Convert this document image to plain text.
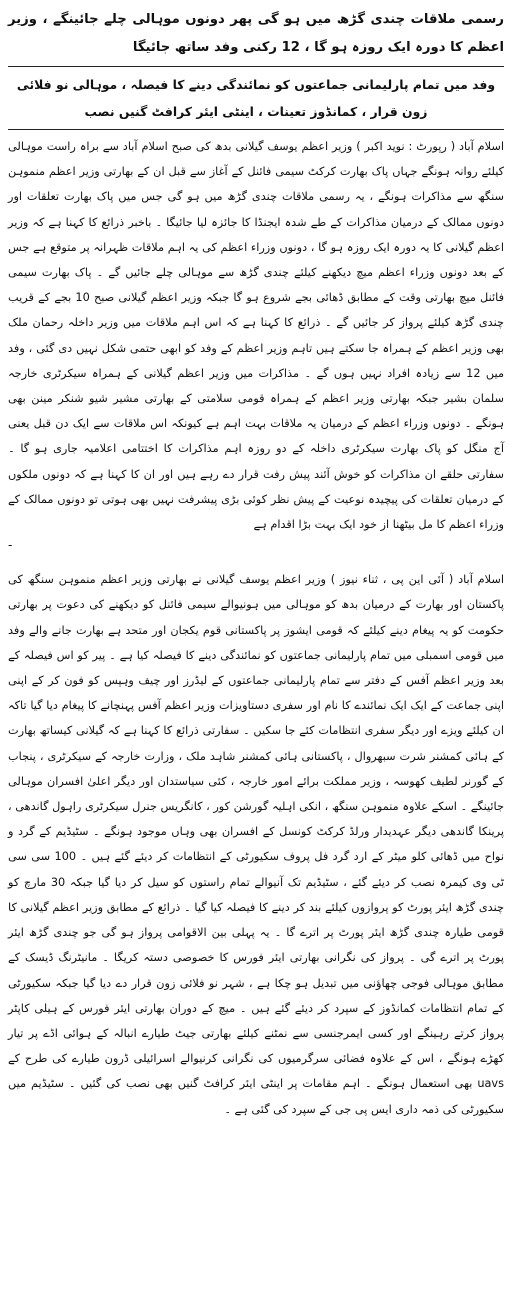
رسمی ملاقات چندی گڑھ میں ہو گی پھر دونوں موہالی چلے جائینگے ، وزیر اعظم کا دورہ ایک روزہ ہو گا ، 12 رکنی وفد ساتھ جائیگا
وفد میں تمام پارلیمانی جماعتوں کو نمائندگی دینے کا فیصلہ ، موہالی نو فلائی زون قرار ، کمانڈوز تعینات ، اینٹی ایئر کرافٹ گنیں نصب

اسلام آباد ( رپورٹ : نوید اکبر ) وزیر اعظم یوسف گیلانی بدھ کی صبح اسلام آباد سے براہ راست موہالی کیلئے روانہ ہونگے جہاں پاک بھارت کرکٹ سیمی فائنل کے آغاز سے قبل ان کے بھارتی وزیر اعظم منموہن سنگھ سے مذاکرات ہونگے ، یہ رسمی ملاقات چندی گڑھ میں ہو گی جس میں پاک بھارت تعلقات اور دونوں ممالک کے درمیان مذاکرات کے طے شدہ ایجنڈا کا جائزہ لیا جائیگا ۔ باخبر ذرائع کا کہنا ہے کہ وزیر اعظم گیلانی کا یہ دورہ ایک روزہ ہو گا ، دونوں وزراء اعظم کی یہ اہم ملاقات ظہرانہ پر متوقع ہے جس کے بعد دونوں وزراء اعظم میچ دیکھنے کیلئے چندی گڑھ سے موہالی چلے جائیں گے ۔ پاک بھارت سیمی فائنل میچ بھارتی وقت کے مطابق ڈھائی بجے شروع ہو گا جبکہ وزیر اعظم گیلانی صبح 10 بجے کے قریب چندی گڑھ کیلئے پرواز کر جائیں گے ۔ ذرائع کا کہنا ہے کہ اس اہم ملاقات میں وزیر داخلہ رحمان ملک بھی وزیر اعظم کے ہمراہ جا سکتے ہیں تاہم وزیر اعظم کے وفد کو ابھی حتمی شکل نہیں دی گئی ، وفد میں 12 سے زیادہ افراد نہیں ہوں گے ۔ مذاکرات میں وزیر اعظم گیلانی کے ہمراہ سیکرٹری خارجہ سلمان بشیر جبکہ بھارتی وزیر اعظم کے ہمراہ قومی سلامتی کے بھارتی مشیر شیو شنکر مینن بھی ہونگے ۔ دونوں وزراء اعظم کے درمیان یہ ملاقات بہت اہم ہے کیونکہ اس ملاقات سے ایک دن قبل یعنی آج منگل کو پاک بھارت سیکرٹری داخلہ کے دو روزہ اہم مذاکرات کا اختتامی اعلامیہ جاری ہو گا ۔ سفارتی حلقے ان مذاکرات کو خوش آئند پیش رفت قرار دے رہے ہیں اور ان کا کہنا ہے کہ دونوں ملکوں کے درمیان تعلقات کی پیچیدہ نوعیت کے پیش نظر کوئی بڑی پیشرفت نہیں بھی ہوتی تو دونوں ممالک کے وزراء اعظم کا مل بیٹھنا از خود ایک بہت بڑا اقدام ہے

-

اسلام آباد ( آئی این پی ، ثناء نیوز ) وزیر اعظم یوسف گیلانی نے بھارتی وزیر اعظم منموہن سنگھ کی پاکستان اور بھارت کے درمیان بدھ کو موہالی میں ہونیوالے سیمی فائنل کو دیکھنے کی دعوت پر بھارتی حکومت کو یہ پیغام دینے کیلئے کہ قومی ایشوز پر پاکستانی قوم یکجان اور متحد ہے بھارت جانے والے وفد میں قومی اسمبلی میں تمام پارلیمانی جماعتوں کو نمائندگی دینے کا فیصلہ کیا ہے ۔ پیر کو اس فیصلہ کے بعد وزیر اعظم آفس کے دفتر سے تمام پارلیمانی جماعتوں کے لیڈرز اور چیف وہپس کو فون کر کے اپنی اپنی جماعت کے ایک ایک نمائندے کا نام اور سفری دستاویزات وزیر اعظم آفس پہنچانے کا پیغام دیا گیا تاکہ ان کیلئے ویزے اور دیگر سفری انتظامات کئے جا سکیں ۔ سفارتی ذرائع کا کہنا ہے کہ گیلانی کیساتھ بھارت کے ہائی کمشنر شرت سبھروال ، پاکستانی ہائی کمشنر شاہد ملک ، وزارت خارجہ کے سیکرٹری ، پنجاب کے گورنر لطیف کھوسہ ، وزیر مملکت برائے امور خارجہ ، کئی سیاستدان اور دیگر اعلیٰ افسران موہالی جائینگے ۔ اسکے علاوہ منموہن سنگھ ، انکی اہلیہ گورشن کور ، کانگریس جنرل سیکرٹری راہول گاندھی ، پرینکا گاندھی دیگر عہدیدار ورلڈ کرکٹ کونسل کے افسران بھی وہاں موجود ہونگے ۔ سٹیڈیم کے گرد و نواح میں ڈھائی کلو میٹر کے ارد گرد فل پروف سکیورٹی کے انتظامات کر دیئے گئے ہیں ۔ 100 سی سی ٹی وی کیمرہ نصب کر دیئے گئے ، سٹیڈیم تک آنیوالے تمام راستوں کو سیل کر دیا گیا جبکہ 30 مارچ کو چندی گڑھ ایئر پورٹ کو پروازوں کیلئے بند کر دینے کا فیصلہ کیا گیا ۔ ذرائع کے مطابق وزیر اعظم گیلانی کا قومی طیارہ چندی گڑھ ایئر پورٹ پر اترے گا ۔ یہ پہلی بین الاقوامی پرواز ہو گی جو چندی گڑھ ایئر پورٹ پر اترے گی ۔ پرواز کی نگرانی بھارتی ایئر فورس کا خصوصی دستہ کریگا ۔ مانیٹرنگ ڈیسک کے مطابق موہالی فوجی چھاؤنی میں تبدیل ہو چکا ہے ، شہر نو فلائی زون قرار دے دیا گیا جبکہ سکیورٹی کے تمام انتظامات کمانڈوز کے سپرد کر دیئے گئے ہیں ۔ میچ کے دوران بھارتی ایئر فورس کے ہیلی کاپٹر پرواز کرتے رہینگے اور کسی ایمرجنسی سے نمٹنے کیلئے بھارتی جیٹ طیارے انبالہ کے ہوائی اڈے پر تیار کھڑے ہونگے ، اس کے علاوہ فضائی سرگرمیوں کی نگرانی کرنیوالے اسرائیلی ڈرون طیارے کی طرح کے uavs بھی استعمال ہونگے ۔ اہم مقامات پر اینٹی ایئر کرافٹ گنیں بھی نصب کی گئیں ۔ سٹیڈیم میں سکیورٹی کی ذمہ داری ایس پی جی کے سپرد کی گئی ہے ۔
